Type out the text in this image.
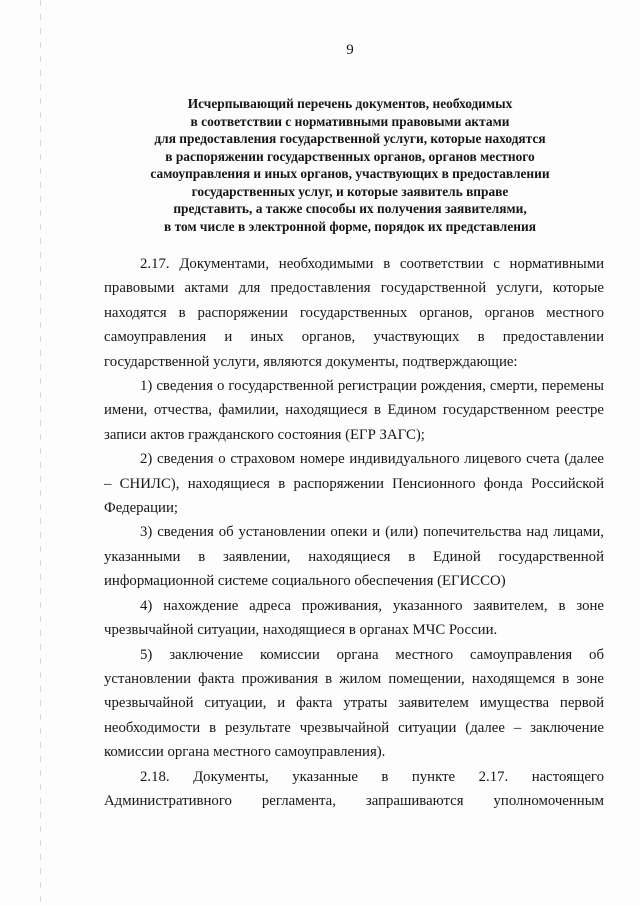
9
Исчерпывающий перечень документов, необходимых
в соответствии с нормативными правовыми актами
для предоставления государственной услуги, которые находятся
в распоряжении государственных органов, органов местного
самоуправления и иных органов, участвующих в предоставлении
государственных услуг, и которые заявитель вправе
представить, а также способы их получения заявителями,
в том числе в электронной форме, порядок их представления

2.17. Документами, необходимыми в соответствии с нормативными правовыми актами для предоставления государственной услуги, которые находятся в распоряжении государственных органов, органов местного самоуправления и иных органов, участвующих в предоставлении государственной услуги, являются документы, подтверждающие:

1) сведения о государственной регистрации рождения, смерти, перемены имени, отчества, фамилии, находящиеся в Едином государственном реестре записи актов гражданского состояния (ЕГР ЗАГС);

2) сведения о страховом номере индивидуального лицевого счета (далее – СНИЛС), находящиеся в распоряжении Пенсионного фонда Российской Федерации;

3) сведения об установлении опеки и (или) попечительства над лицами, указанными в заявлении, находящиеся в Единой государственной информационной системе социального обеспечения (ЕГИССО)

4) нахождение адреса проживания, указанного заявителем, в зоне чрезвычайной ситуации, находящиеся в органах МЧС России.

5) заключение комиссии органа местного самоуправления об установлении факта проживания в жилом помещении, находящемся в зоне чрезвычайной ситуации, и факта утраты заявителем имущества первой необходимости в результате чрезвычайной ситуации (далее – заключение комиссии органа местного самоуправления).

2.18. Документы, указанные в пункте 2.17. настоящего Административного регламента, запрашиваются уполномоченным
